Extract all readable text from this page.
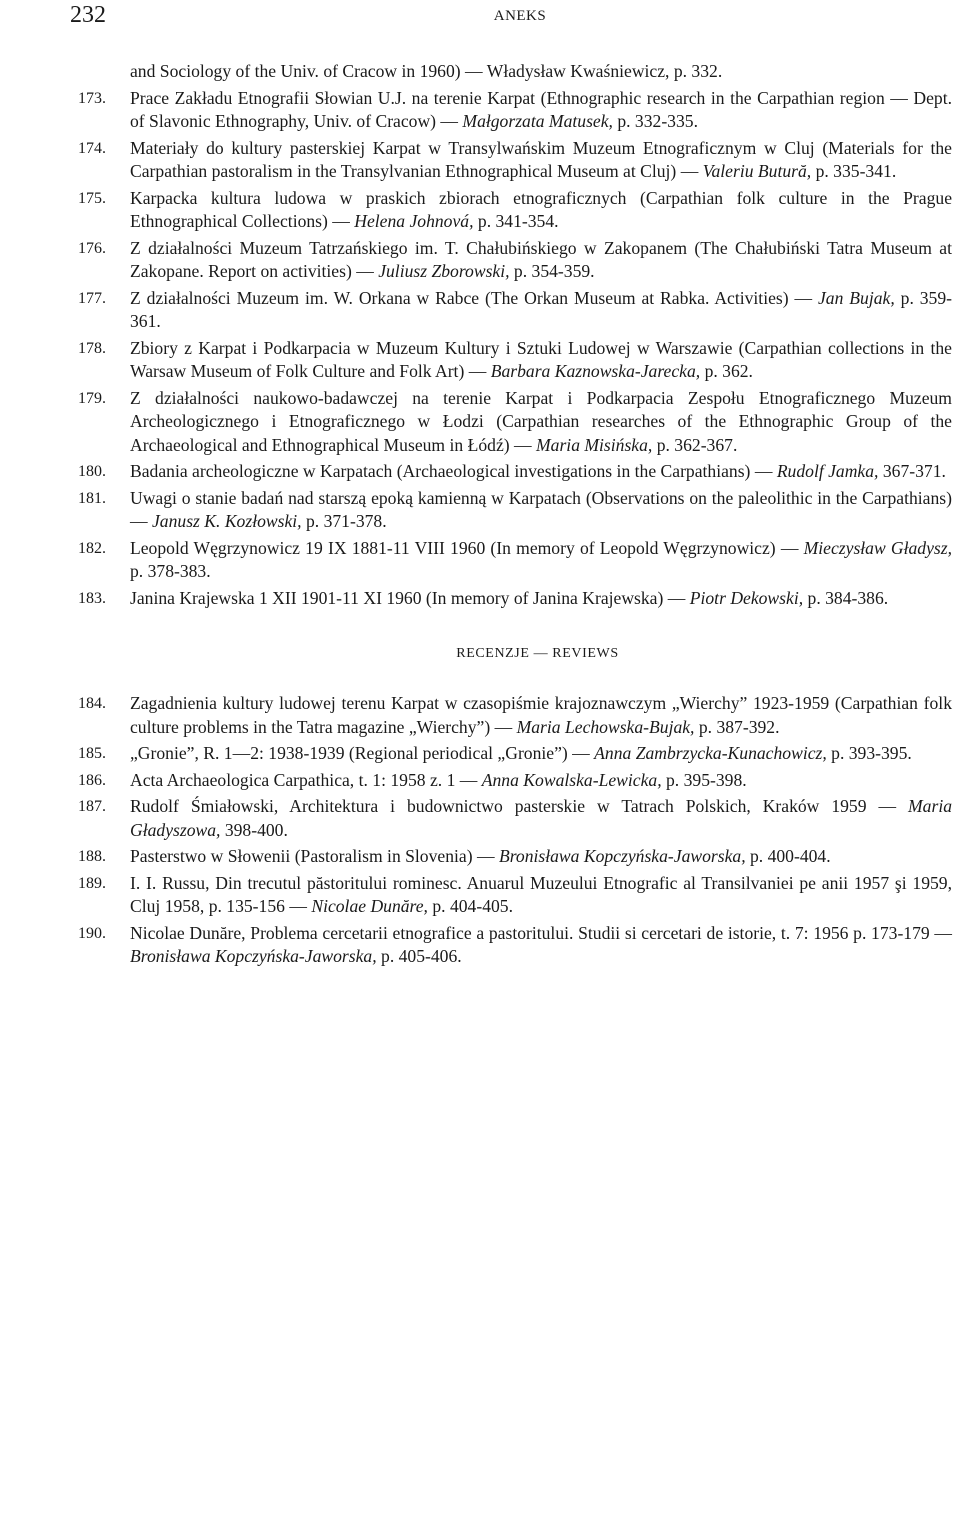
232	ANEKS
and Sociology of the Univ. of Cracow in 1960) — Władysław Kwaśniewicz, p. 332.
173. Prace Zakładu Etnografii Słowian U.J. na terenie Karpat (Ethnographic research in the Carpathian region — Dept. of Slavonic Ethnography, Univ. of Cracow) — Małgorzata Matusek, p. 332-335.
174. Materiały do kultury pasterskiej Karpat w Transylwańskim Muzeum Etnograficznym w Cluj (Materials for the Carpathian pastoralism in the Transylvanian Ethnographical Museum at Cluj) — Valeriu Butură, p. 335-341.
175. Karpacka kultura ludowa w praskich zbiorach etnograficznych (Carpathian folk culture in the Prague Ethnographical Collections) — Helena Johnová, p. 341-354.
176. Z działalności Muzeum Tatrzańskiego im. T. Chałubińskiego w Zakopanem (The Chałubiński Tatra Museum at Zakopane. Report on activities) — Juliusz Zborowski, p. 354-359.
177. Z działalności Muzeum im. W. Orkana w Rabce (The Orkan Museum at Rabka. Activities) — Jan Bujak, p. 359-361.
178. Zbiory z Karpat i Podkarpacia w Muzeum Kultury i Sztuki Ludowej w Warszawie (Carpathian collections in the Warsaw Museum of Folk Culture and Folk Art) — Barbara Kaznowska-Jarecka, p. 362.
179. Z działalności naukowo-badawczej na terenie Karpat i Podkarpacia Zespołu Etnograficznego Muzeum Archeologicznego i Etnograficznego w Łodzi (Carpathian researches of the Ethnographic Group of the Archaeological and Ethnographical Museum in Łódź) — Maria Misińska, p. 362-367.
180. Badania archeologiczne w Karpatach (Archaeological investigations in the Carpathians) — Rudolf Jamka, 367-371.
181. Uwagi o stanie badań nad starszą epoką kamienną w Karpatach (Observations on the paleolithic in the Carpathians) — Janusz K. Kozłowski, p. 371-378.
182. Leopold Węgrzynowicz 19 IX 1881-11 VIII 1960 (In memory of Leopold Węgrzynowicz) — Mieczysław Gładysz, p. 378-383.
183. Janina Krajewska 1 XII 1901-11 XI 1960 (In memory of Janina Krajewska) — Piotr Dekowski, p. 384-386.
RECENZJE — REVIEWS
184. Zagadnienia kultury ludowej terenu Karpat w czasopiśmie krajoznawczym „Wierchy” 1923-1959 (Carpathian folk culture problems in the Tatra magazine „Wierchy”) — Maria Lechowska-Bujak, p. 387-392.
185. „Gronie”, R. 1—2: 1938-1939 (Regional periodical „Gronie”) — Anna Zambrzycka-Kunachowicz, p. 393-395.
186. Acta Archaeologica Carpathica, t. 1: 1958 z. 1 — Anna Kowalska-Lewicka, p. 395-398.
187. Rudolf Śmiałowski, Architektura i budownictwo pasterskie w Tatrach Polskich, Kraków 1959 — Maria Gładyszowa, 398-400.
188. Pasterstwo w Słowenii (Pastoralism in Slovenia) — Bronisława Kopczyńska-Jaworska, p. 400-404.
189. I. I. Russu, Din trecutul păstoritului rominesc. Anuarul Muzeului Etnografic al Transilvaniei pe anii 1957 şi 1959, Cluj 1958, p. 135-156 — Nicolae Dunăre, p. 404-405.
190. Nicolae Dunăre, Problema cercetarii etnografice a pastoritului. Studii si cercetari de istorie, t. 7: 1956 p. 173-179 — Bronisława Kopczyńska-Jaworska, p. 405-406.
